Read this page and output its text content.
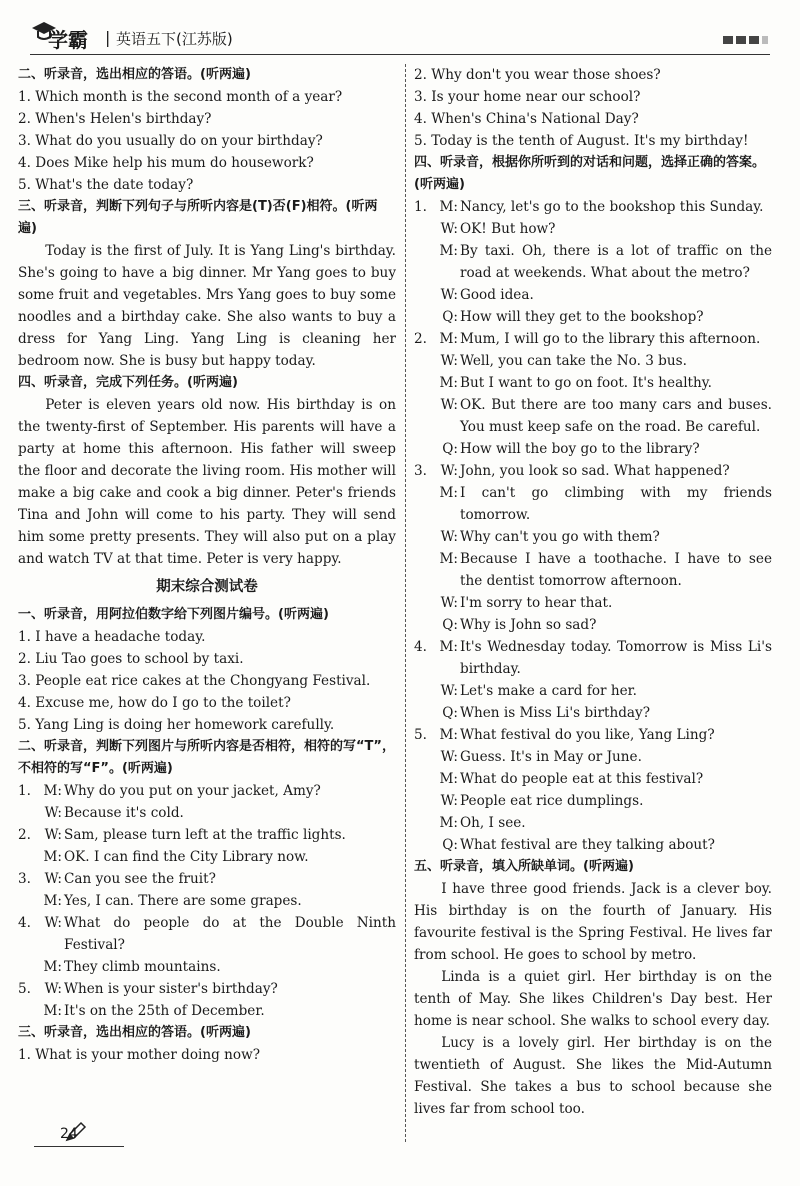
学霸 | 英语五下(江苏版)
二、听录音，选出相应的答语。(听两遍)
1. Which month is the second month of a year?
2. When's Helen's birthday?
3. What do you usually do on your birthday?
4. Does Mike help his mum do housework?
5. What's the date today?
三、听录音，判断下列句子与所听内容是(T)否(F)相符。(听两遍)
Today is the first of July. It is Yang Ling's birthday. She's going to have a big dinner. Mr Yang goes to buy some fruit and vegetables. Mrs Yang goes to buy some noodles and a birthday cake. She also wants to buy a dress for Yang Ling. Yang Ling is cleaning her bedroom now. She is busy but happy today.
四、听录音，完成下列任务。(听两遍)
Peter is eleven years old now. His birthday is on the twenty-first of September. His parents will have a party at home this afternoon. His father will sweep the floor and decorate the living room. His mother will make a big cake and cook a big dinner. Peter's friends Tina and John will come to his party. They will send him some pretty presents. They will also put on a play and watch TV at that time. Peter is very happy.
期末综合测试卷
一、听录音，用阿拉伯数字给下列图片编号。(听两遍)
1. I have a headache today.
2. Liu Tao goes to school by taxi.
3. People eat rice cakes at the Chongyang Festival.
4. Excuse me, how do I go to the toilet?
5. Yang Ling is doing her homework carefully.
二、听录音，判断下列图片与所听内容是否相符，相符的写“T”，不相符的写“F”。(听两遍)
1. M: Why do you put on your jacket, Amy?
W: Because it's cold.
2.	W: Sam, please turn left at the traffic lights.
M: OK. I can find the City Library now.
3.	W: Can you see the fruit?
M: Yes, I can. There are some grapes.
4.	W: What do people do at the Double Ninth Festival?
M: They climb mountains.
5.	W: When is your sister's birthday?
M: It's on the 25th of December.
三、听录音，选出相应的答语。(听两遍)
1. What is your mother doing now?
2. Why don't you wear those shoes?
3. Is your home near our school?
4. When's China's National Day?
5. Today is the tenth of August. It's my birthday!
四、听录音，根据你所听到的对话和问题，选择正确的答案。(听两遍)
1. M: Nancy, let's go to the bookshop this Sunday.
W: OK! But how?
M: By taxi. Oh, there is a lot of traffic on the road at weekends. What about the metro?
W: Good idea.
Q: How will they get to the bookshop?
2. M: Mum, I will go to the library this afternoon.
W: Well, you can take the No. 3 bus.
M: But I want to go on foot. It's healthy.
W: OK. But there are too many cars and buses. You must keep safe on the road. Be careful.
Q: How will the boy go to the library?
3.	W: John, you look so sad. What happened?
M: I can't go climbing with my friends tomorrow.
W: Why can't you go with them?
M: Because I have a toothache. I have to see the dentist tomorrow afternoon.
W: I'm sorry to hear that.
Q: Why is John so sad?
4. M: It's Wednesday today. Tomorrow is Miss Li's birthday.
W: Let's make a card for her.
Q: When is Miss Li's birthday?
5. M: What festival do you like, Yang Ling?
W: Guess. It's in May or June.
M: What do people eat at this festival?
W: People eat rice dumplings.
M: Oh, I see.
Q: What festival are they talking about?
五、听录音，填入所缺单词。(听两遍)
I have three good friends. Jack is a clever boy. His birthday is on the fourth of January. His favourite festival is the Spring Festival. He lives far from school. He goes to school by metro.
Linda is a quiet girl. Her birthday is on the tenth of May. She likes Children's Day best. Her home is near school. She walks to school every day.
Lucy is a lovely girl. Her birthday is on the twentieth of August. She likes the Mid-Autumn Festival. She takes a bus to school because she lives far from school too.
24
